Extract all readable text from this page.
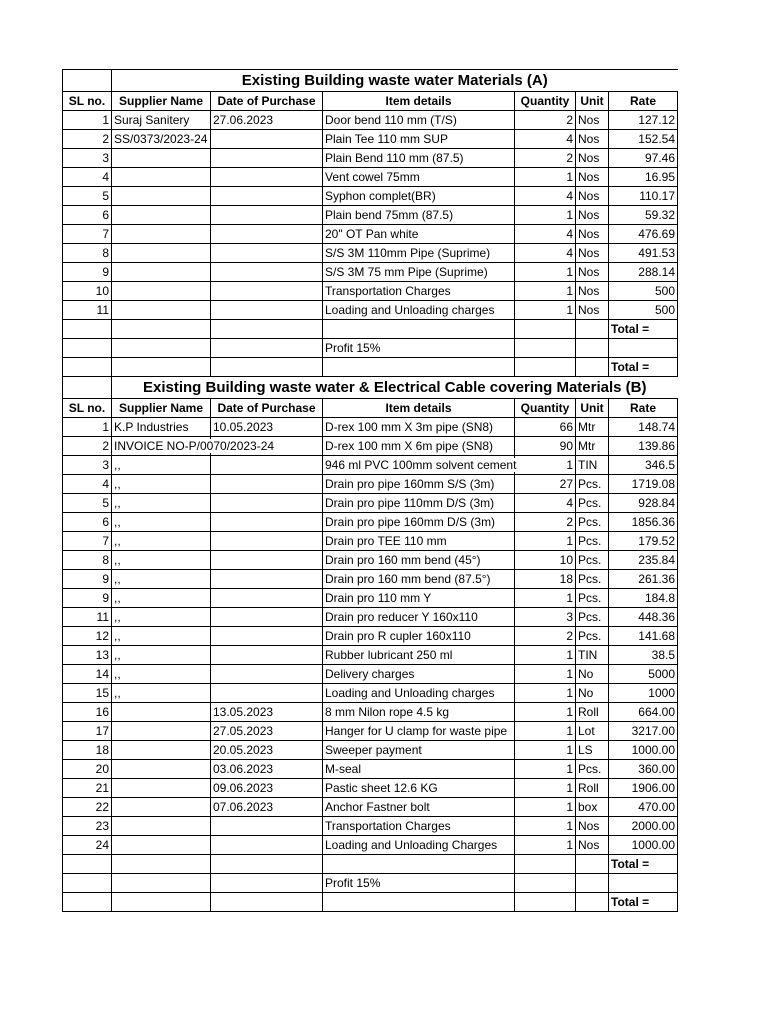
	Existing Building waste water Materials (A)					
SL no.	Supplier Name	Date of Purchase	Item details	Quantity	Unit	Rate
1	Suraj Sanitery	27.06.2023	Door bend 110 mm (T/S)	2	Nos	127.12
2	SS/0373/2023-24		Plain Tee 110 mm SUP	4	Nos	152.54
3			Plain Bend 110 mm (87.5)	2	Nos	97.46
4			Vent cowel 75mm	1	Nos	16.95
5			Syphon complet(BR)	4	Nos	110.17
6			Plain bend 75mm (87.5)	1	Nos	59.32
7			20" OT Pan white	4	Nos	476.69
8			S/S 3M 110mm Pipe (Suprime)	4	Nos	491.53
9			S/S 3M 75 mm Pipe (Suprime)	1	Nos	288.14
10			Transportation Charges	1	Nos	500
11			Loading and Unloading charges	1	Nos	500
						Total =
			Profit 15%			
						Total =
	Existing Building waste water & Electrical Cable covering Materials (B)					
SL no.	Supplier Name	Date of Purchase	Item details	Quantity	Unit	Rate
1	K.P Industries	10.05.2023	D-rex 100 mm X 3m pipe (SN8)	66	Mtr	148.74
2	INVOICE NO-P/0070/2023-24		D-rex 100 mm X 6m pipe (SN8)	90	Mtr	139.86
3	,,		946 ml PVC 100mm solvent cement	1	TIN	346.5
4	,,		Drain pro pipe 160mm S/S (3m)	27	Pcs.	1719.08
5	,,		Drain pro pipe 110mm D/S (3m)	4	Pcs.	928.84
6	,,		Drain pro pipe 160mm D/S (3m)	2	Pcs.	1856.36
7	,,		Drain pro TEE 110 mm	1	Pcs.	179.52
8	,,		Drain pro 160 mm bend (45°)	10	Pcs.	235.84
9	,,		Drain pro 160 mm bend (87.5°)	18	Pcs.	261.36
9	,,		Drain pro 110 mm Y	1	Pcs.	184.8
11	,,		Drain pro reducer Y 160x110	3	Pcs.	448.36
12	,,		Drain pro R cupler 160x110	2	Pcs.	141.68
13	,,		Rubber lubricant 250 ml	1	TIN	38.5
14	,,		Delivery charges	1	No	5000
15	,,		Loading and Unloading charges	1	No	1000
16		13.05.2023	8 mm Nilon rope 4.5 kg	1	Roll	664.00
17		27.05.2023	Hanger for U clamp for waste pipe	1	Lot	3217.00
18		20.05.2023	Sweeper payment	1	LS	1000.00
20		03.06.2023	M-seal	1	Pcs.	360.00
21		09.06.2023	Pastic sheet 12.6 KG	1	Roll	1906.00
22		07.06.2023	Anchor Fastner bolt	1	box	470.00
23			Transportation Charges	1	Nos	2000.00
24			Loading and Unloading Charges	1	Nos	1000.00
						Total =
			Profit 15%			
						Total =
